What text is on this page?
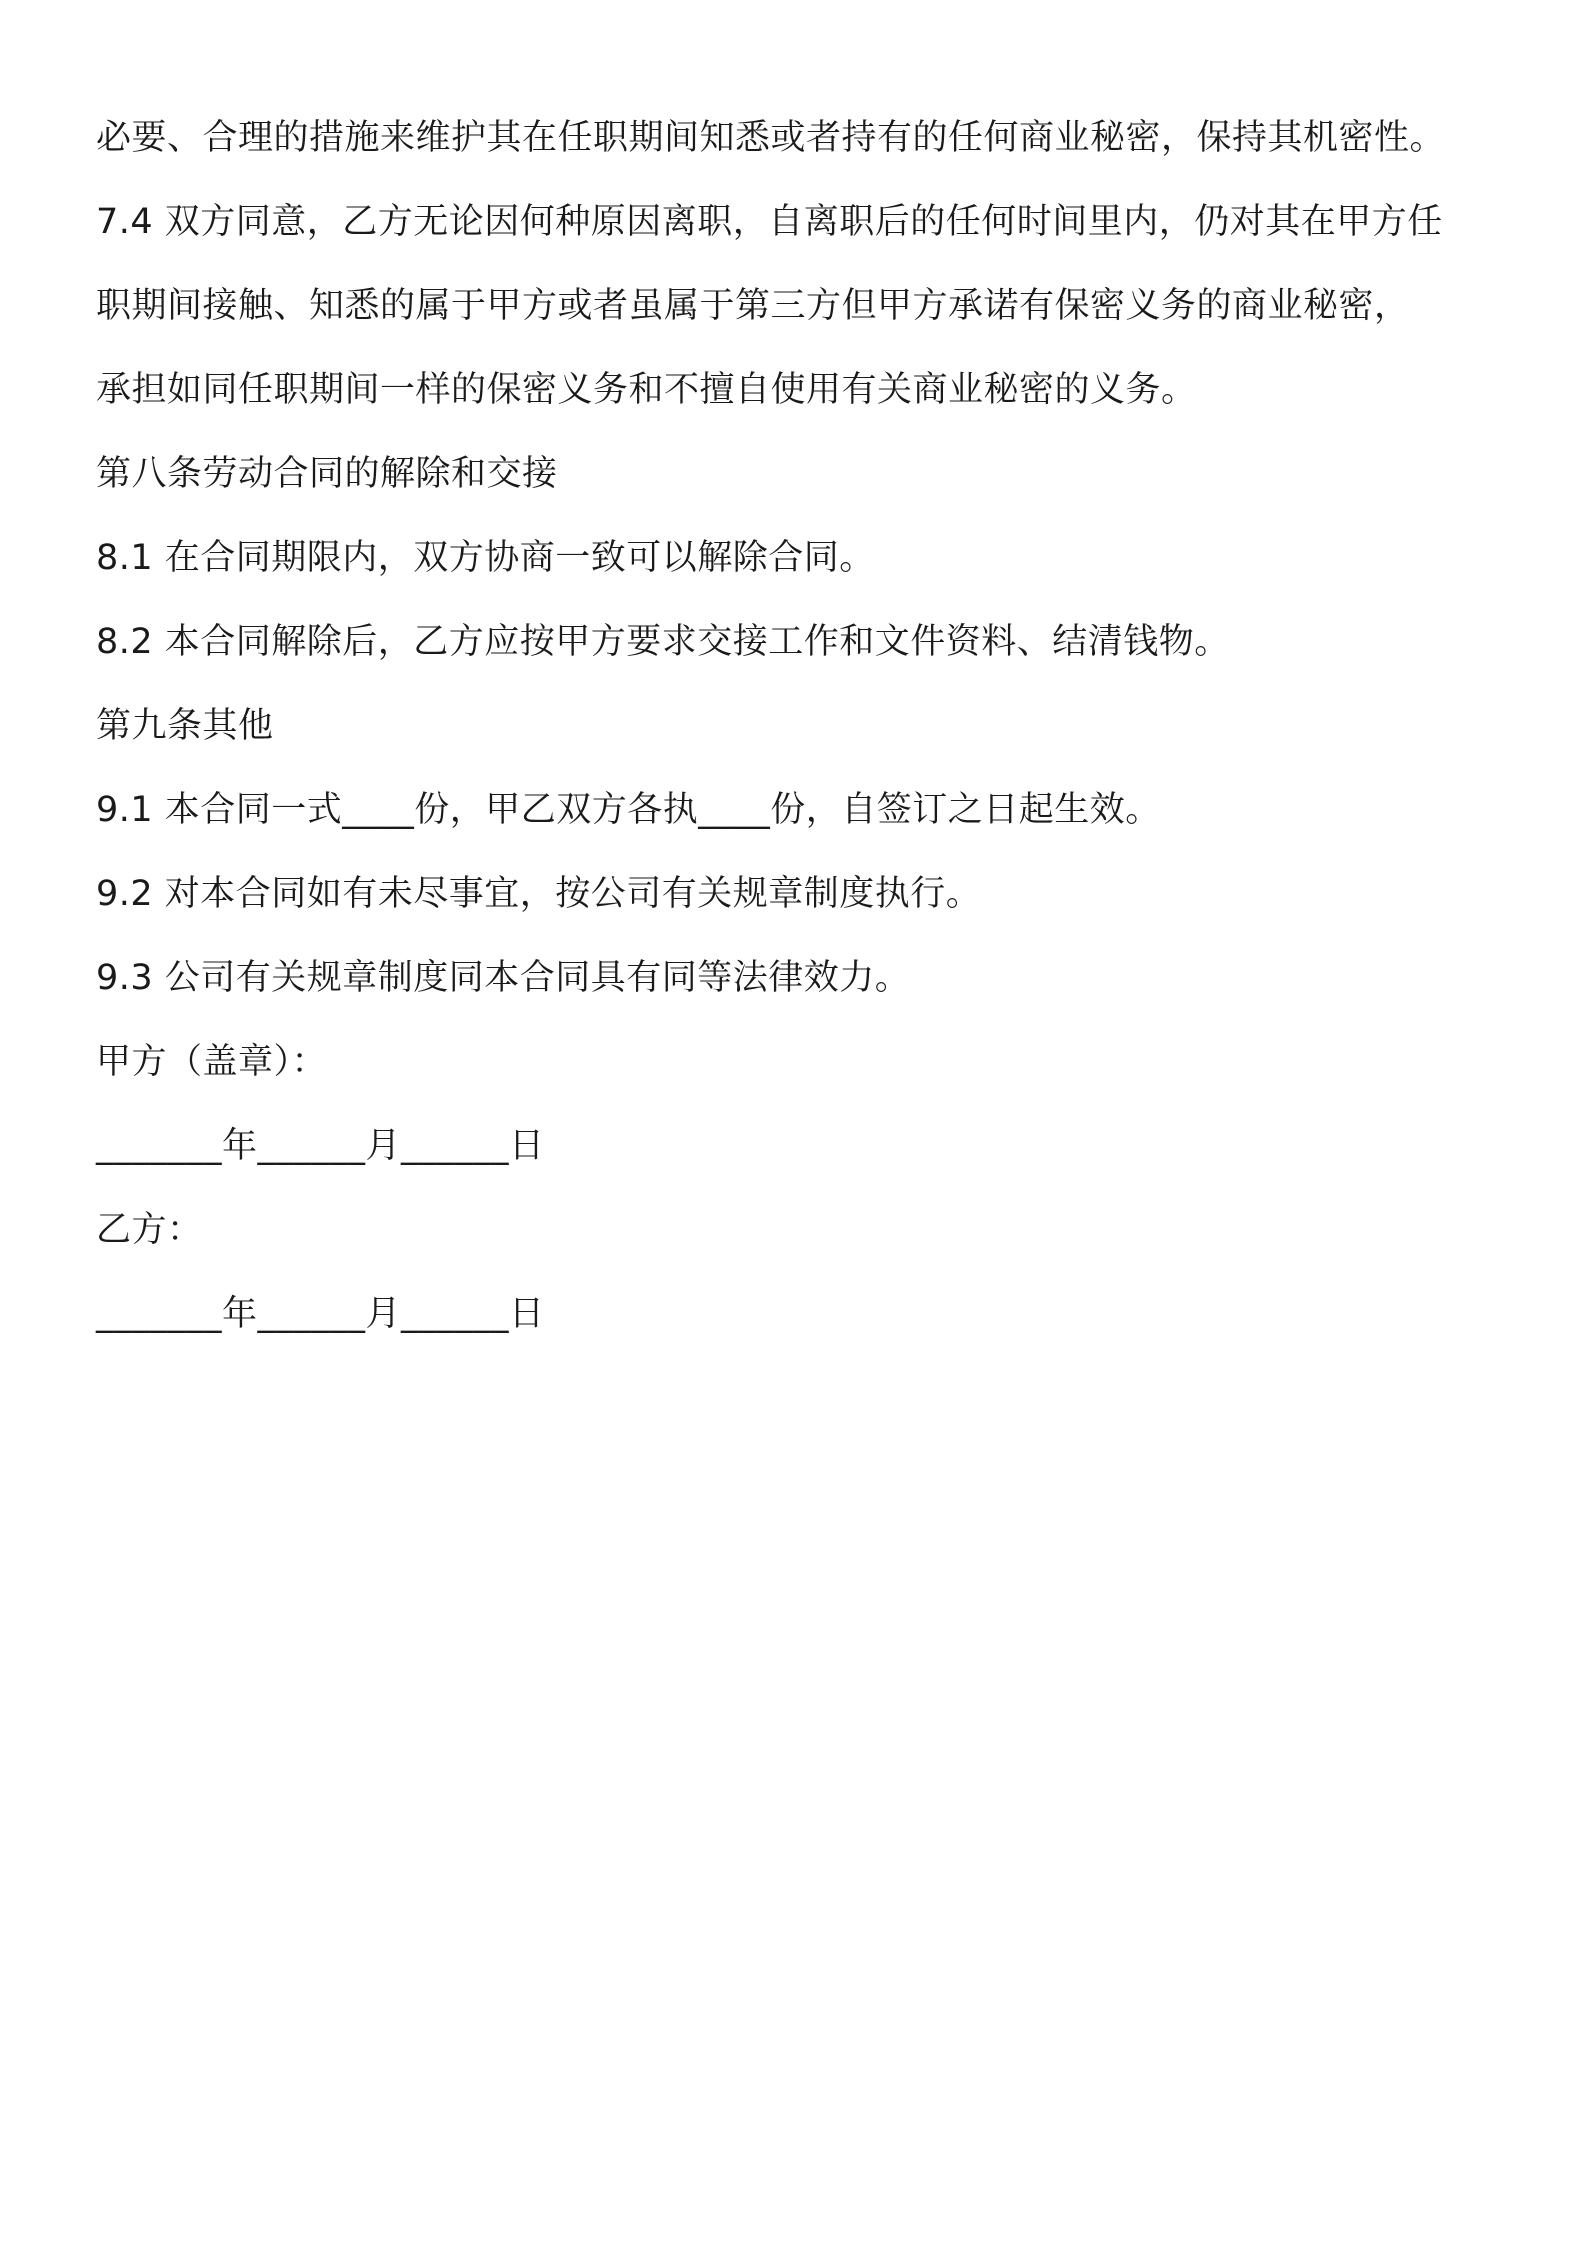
必要、合理的措施来维护其在任职期间知悉或者持有的任何商业秘密，保持其机密性。
7.4 双方同意，乙方无论因何种原因离职，自离职后的任何时间里内，仍对其在甲方任
职期间接触、知悉的属于甲方或者虽属于第三方但甲方承诺有保密义务的商业秘密，
承担如同任职期间一样的保密义务和不擅自使用有关商业秘密的义务。
第八条劳动合同的解除和交接
8.1 在合同期限内，双方协商一致可以解除合同。
8.2 本合同解除后，乙方应按甲方要求交接工作和文件资料、结清钱物。
第九条其他
9.1 本合同一式____份，甲乙双方各执____份，自签订之日起生效。
9.2 对本合同如有未尽事宜，按公司有关规章制度执行。
9.3 公司有关规章制度同本合同具有同等法律效力。
甲方（盖章）：
_______年______月______日
乙方：
_______年______月______日
